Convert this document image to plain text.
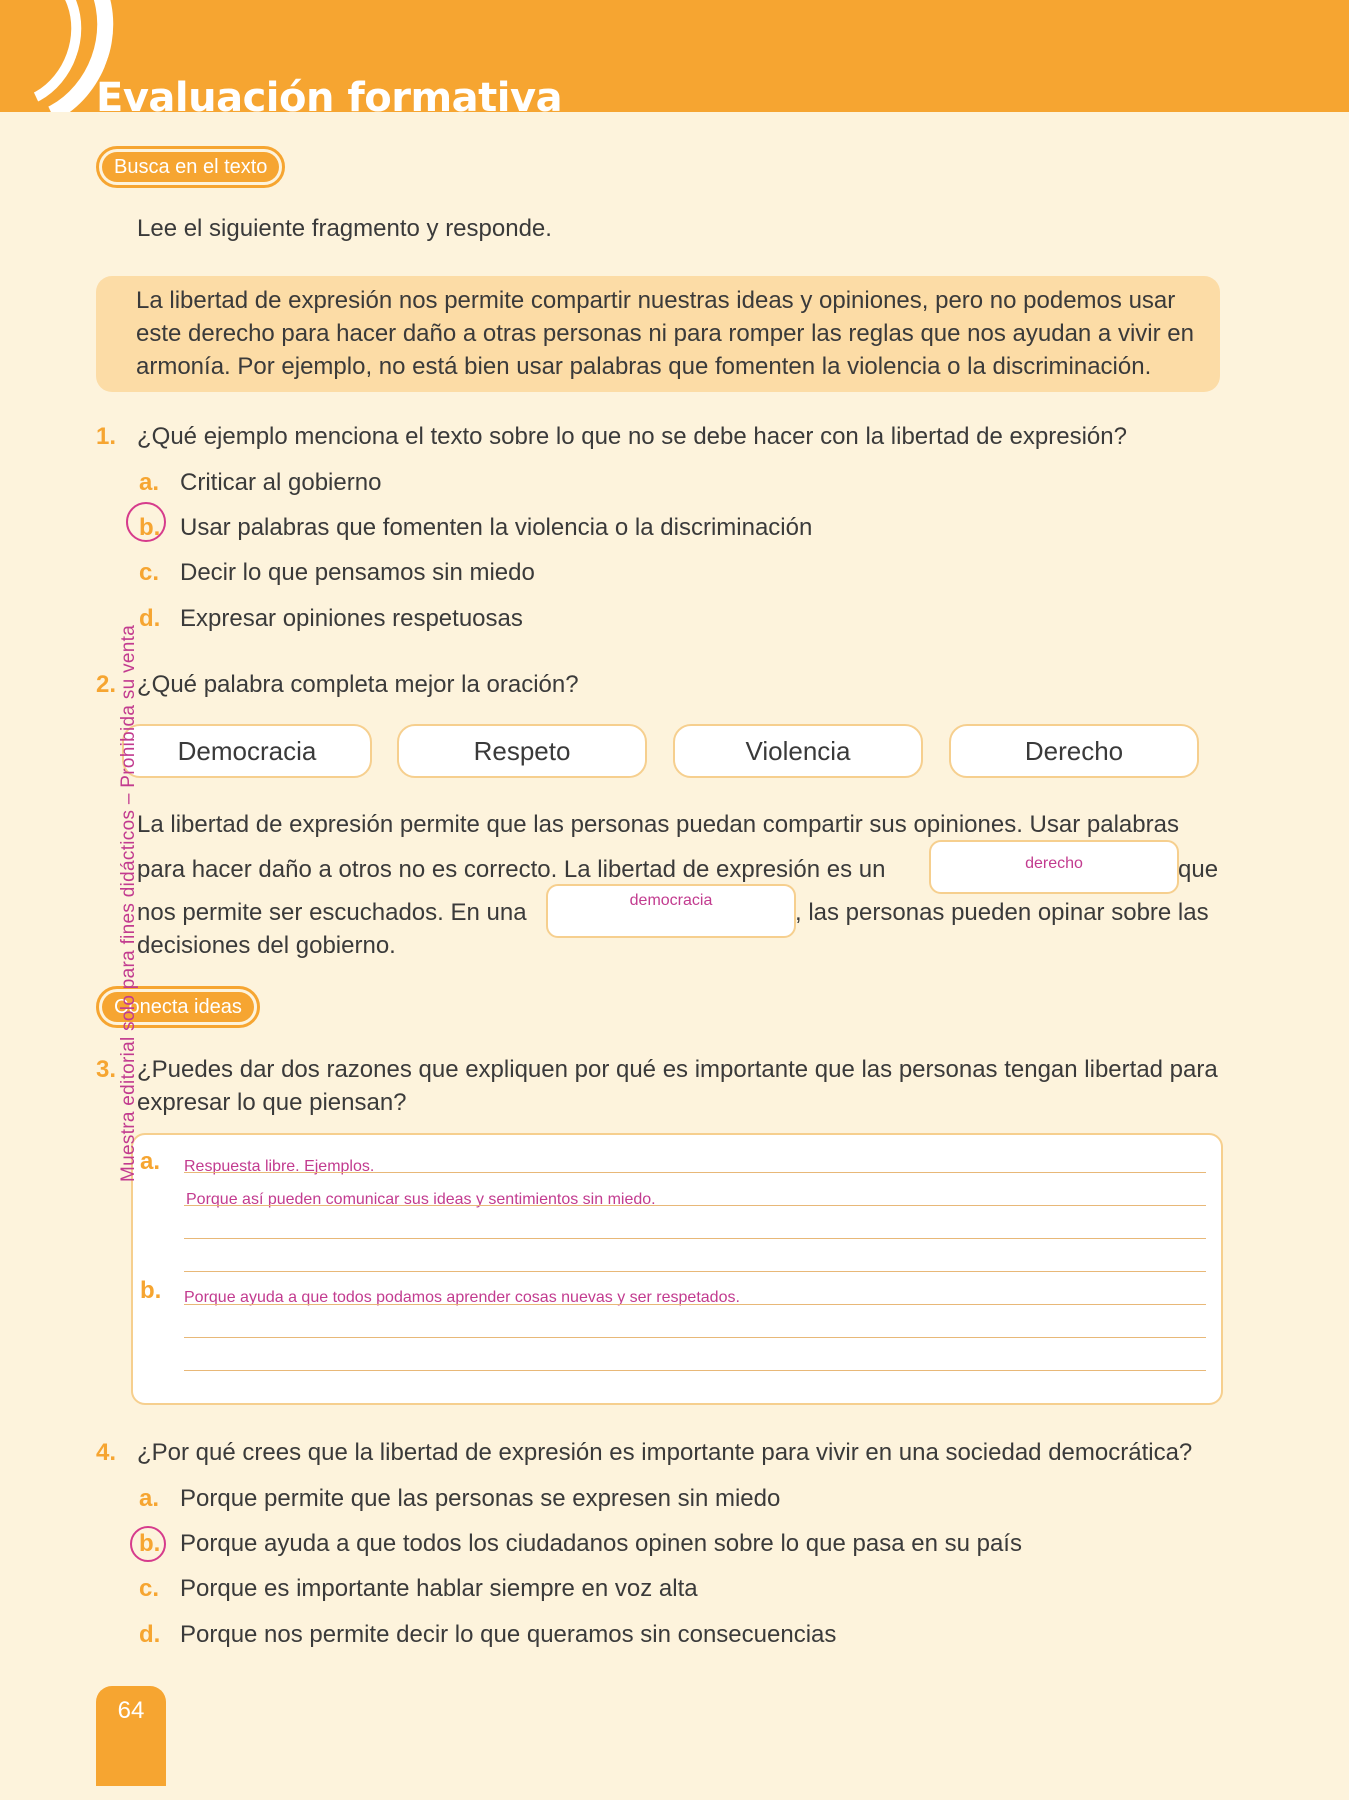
Evaluación formativa
Busca en el texto
Lee el siguiente fragmento y responde.

La libertad de expresión nos permite compartir nuestras ideas y opiniones, pero no podemos usar este derecho para hacer daño a otras personas ni para romper las reglas que nos ayudan a vivir en armonía. Por ejemplo, no está bien usar palabras que fomenten la violencia o la discriminación.

1. ¿Qué ejemplo menciona el texto sobre lo que no se debe hacer con la libertad de expresión?
a. Criticar al gobierno
b. Usar palabras que fomenten la violencia o la discriminación
c. Decir lo que pensamos sin miedo
d. Expresar opiniones respetuosas
2. ¿Qué palabra completa mejor la oración?
Democracia	Respeto	Violencia	Derecho
La libertad de expresión permite que las personas puedan compartir sus opiniones. Usar palabras
para hacer daño a otros no es correcto. La libertad de expresión es un	derecho	que
nos permite ser escuchados. En una	democracia	, las personas pueden opinar sobre las
decisiones del gobierno.
Conecta ideas
3. ¿Puedes dar dos razones que expliquen por qué es importante que las personas tengan libertad para expresar lo que piensan?
a. Respuesta libre. Ejemplos.
Porque así pueden comunicar sus ideas y sentimientos sin miedo.
b. Porque ayuda a que todos podamos aprender cosas nuevas y ser respetados.
4. ¿Por qué crees que la libertad de expresión es importante para vivir en una sociedad democrática?
a. Porque permite que las personas se expresen sin miedo
b. Porque ayuda a que todos los ciudadanos opinen sobre lo que pasa en su país
c. Porque es importante hablar siempre en voz alta
d. Porque nos permite decir lo que queramos sin consecuencias
Muestra editorial solo para fines didácticos – Prohibida su venta
64
